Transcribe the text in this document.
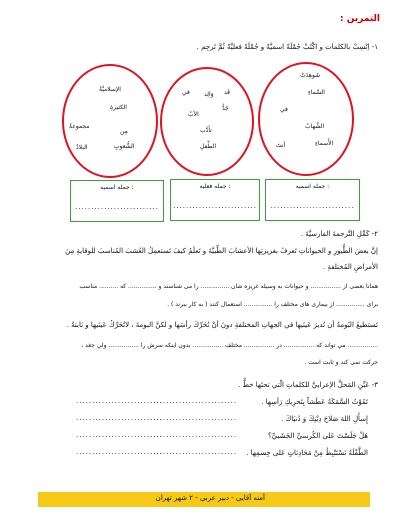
التمرين :
١- اِنْسِبْ بالكلمات و اكْتُبْ جُمْلَةً اسميَّةً و جُمْلَةً فعليَّةً ثُمَّ تَرجِم .
شَوهِدَتْ
السَّماءِ
في
الشِّهابُ
أنتَ	الأَسماءِ
في وَالِد قَد
جَدُّ
الأبُ
تأدَّب
الطِّفلِ
الإسلاميَّةُ
الكثيرةِ
مجموعةٌ
مِن
الشُّعوبِ
البلادُ
جمله اسميه :
..........................
جمله فعليه :
..........................
جمله اسميه :
..........................
٢- كَمِّلِ التَّرجمةَ الفارسيَّةَ .
إنَّ بعضَ الطُّيورِ و الحيواناتِ تَعرفُ بغريزتِها الأعشابَ الطِّبيَّةَ و تَعلَمُ كيفَ تَستعمِلُ العُشبَ المُناسبَ للوقايةِ مِنَ
الأمراضِ المُختلفةِ .
همانا بعضی از ................ و حیوانات به وسیله غریزه شان ............... را می شناسند و ............... که .......... مناسب
برای ............... از بیماری های مختلف را ............... استعمال کنند ( به کار ببرند ) .
تَستطيعُ البُومةُ أن تُديرَ عَينَيها في الجهاتِ المختلفةِ دونَ أنْ تُحَرِّكَ رأسَها و لكنَّ البومةَ ، لاتُحَرِّكُ عَينَيها و ثابتةٌ .
................ مي تواند که ................ در ................ مختلف ................ بدون اینکه سرش را ................ ولي جغد ،
حرکت نمی کند و ثابت است .
٣- عَيِّنِ المَحلَّ الإعرابيَّ للكلماتِ الّتي تحتَها خطٌّ .
تَمُوْتُ السَّمَكَةُ عَطَشاً بِتَحرِيكِ رَأسِهِا .
إِسأَلِ اللهَ صَلاحَ دِيْنِكَ وَ دُنيَاكَ .
هَلْ جَلَسْتَ عَلى الكُرسيِّ الخَشَبيِّ؟
الطَّفْلَةُ نَسْتَنْبِطُ مِنْ مَحَادِثاتٍ عَلى جِسمِها .
...........................
...........................
...........................
...........................
...........................
...........................
...........................
...........................
آمنه آقایی - دبیر عربی - ۲ شهر تهران
